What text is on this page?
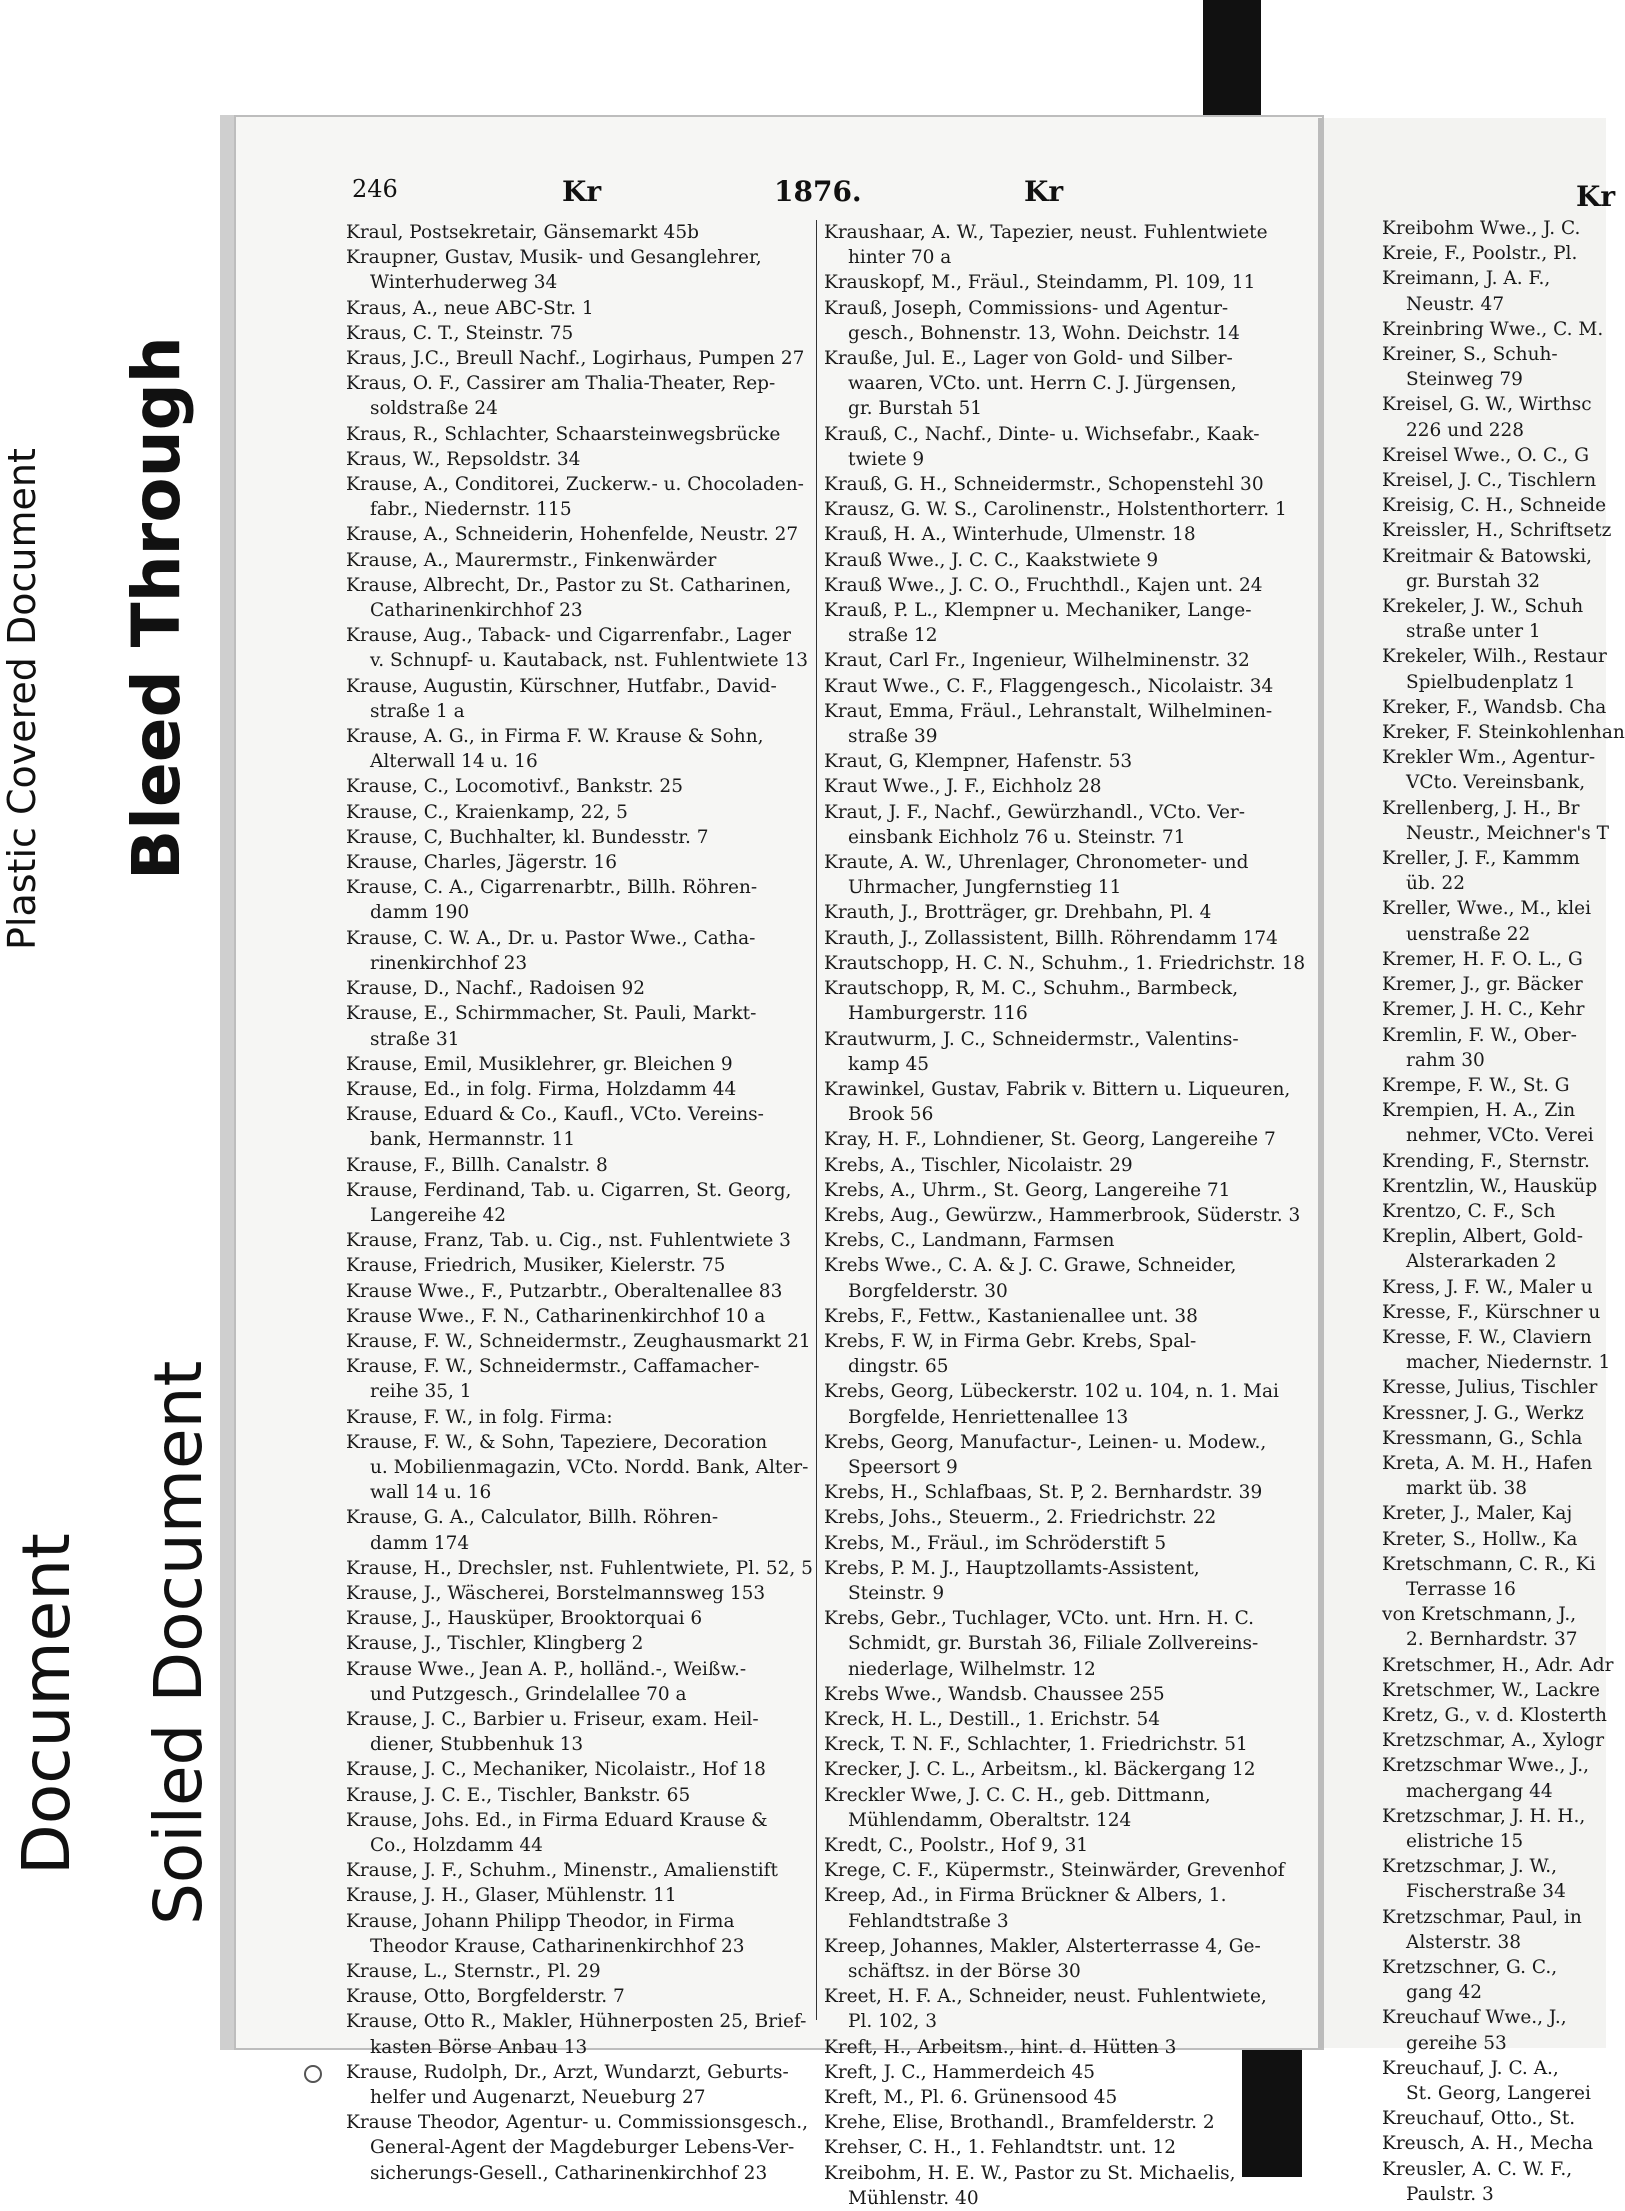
Plastic Covered Document Bleed Through
Document Soiled Document
246	Kr	1876.	Kr
Kraul, Postsekretair, Gänsemarkt 45b
Kraupner, Gustav, Musik- und Gesanglehrer,
Winterhuderweg 34
Kraus, A., neue ABC-Str. 1
Kraus, C. T., Steinstr. 75
Kraus, J.C., Breull Nachf., Logirhaus, Pumpen 27
Kraus, O. F., Cassirer am Thalia-Theater, Rep-
soldstraße 24
Kraus, R., Schlachter, Schaarsteinwegsbrücke
Kraus, W., Repsoldstr. 34
Krause, A., Conditorei, Zuckerw.- u. Chocoladen-
fabr., Niedernstr. 115
Krause, A., Schneiderin, Hohenfelde, Neustr. 27
Krause, A., Maurermstr., Finkenwärder
Krause, Albrecht, Dr., Pastor zu St. Catharinen,
Catharinenkirchhof 23
Krause, Aug., Taback- und Cigarrenfabr., Lager
v. Schnupf- u. Kautaback, nst. Fuhlentwiete 13
Krause, Augustin, Kürschner, Hutfabr., David-
straße 1 a
Krause, A. G., in Firma F. W. Krause & Sohn,
Alterwall 14 u. 16
Krause, C., Locomotivf., Bankstr. 25
Krause, C., Kraienkamp, 22, 5
Krause, C, Buchhalter, kl. Bundesstr. 7
Krause, Charles, Jägerstr. 16
Krause, C. A., Cigarrenarbtr., Billh. Röhren-
damm 190
Krause, C. W. A., Dr. u. Pastor Wwe., Catha-
rinenkirchhof 23
Krause, D., Nachf., Radoisen 92
Krause, E., Schirmmacher, St. Pauli, Markt-
straße 31
Krause, Emil, Musiklehrer, gr. Bleichen 9
Krause, Ed., in folg. Firma, Holzdamm 44
Krause, Eduard & Co., Kaufl., VCto. Vereins-
bank, Hermannstr. 11
Krause, F., Billh. Canalstr. 8
Krause, Ferdinand, Tab. u. Cigarren, St. Georg,
Langereihe 42
Krause, Franz, Tab. u. Cig., nst. Fuhlentwiete 3
Krause, Friedrich, Musiker, Kielerstr. 75
Krause Wwe., F., Putzarbtr., Oberaltenallee 83
Krause Wwe., F. N., Catharinenkirchhof 10 a
Krause, F. W., Schneidermstr., Zeughausmarkt 21
Krause, F. W., Schneidermstr., Caffamacher-
reihe 35, 1
Krause, F. W., in folg. Firma:
Krause, F. W., & Sohn, Tapezierе, Decoration
u. Mobilienmagazin, VCto. Nordd. Bank, Alter-
wall 14 u. 16
Krause, G. A., Calculator, Billh. Röhren-
damm 174
Krause, H., Drechsler, nst. Fuhlentwiete, Pl. 52, 5
Krause, J., Wäscherei, Borstelmannsweg 153
Krause, J., Hausküper, Brooktorquai 6
Krause, J., Tischler, Klingberg 2
Krause Wwe., Jean A. P., holländ.-, Weißw.-
und Putzgesch., Grindelallee 70 a
Krause, J. C., Barbier u. Friseur, exam. Heil-
diener, Stubbenhuk 13
Krause, J. C., Mechaniker, Nicolaistr., Hof 18
Krause, J. C. E., Tischler, Bankstr. 65
Krause, Johs. Ed., in Firma Eduard Krause &
Co., Holzdamm 44
Krause, J. F., Schuhm., Minenstr., Amalienstift
Krause, J. H., Glaser, Mühlenstr. 11
Krause, Johann Philipp Theodor, in Firma
Theodor Krause, Catharinenkirchhof 23
Krause, L., Sternstr., Pl. 29
Krause, Otto, Borgfelderstr. 7
Krause, Otto R., Makler, Hühnerposten 25, Brief-
kasten Börse Anbau 13
Krause, Rudolph, Dr., Arzt, Wundarzt, Geburts-
helfer und Augenarzt, Neueburg 27
Krause Theodor, Agentur- u. Commissionsgesch.,
General-Agent der Magdeburger Lebens-Ver-
sicherungs-Gesell., Catharinenkirchhof 23
Kraushaar, A. W., Tapezier, neust. Fuhlentwiete
hinter 70 a
Krauskopf, M., Fräul., Steindamm, Pl. 109, 11
Krauß, Joseph, Commissions- und Agentur-
gesch., Bohnenstr. 13, Wohn. Deichstr. 14
Krauße, Jul. E., Lager von Gold- und Silber-
waaren, VCto. unt. Herrn C. J. Jürgensen,
gr. Burstah 51
Krauß, C., Nachf., Dinte- u. Wichsefabr., Kaak-
twiete 9
Krauß, G. H., Schneidermstr., Schopenstehl 30
Krausz, G. W. S., Carolinenstr., Holstenthorterr. 1
Krauß, H. A., Winterhude, Ulmenstr. 18
Krauß Wwe., J. C. C., Kaakstwiete 9
Krauß Wwe., J. C. O., Fruchthdl., Kajen unt. 24
Krauß, P. L., Klempner u. Mechaniker, Lange-
straße 12
Kraut, Carl Fr., Ingenieur, Wilhelminenstr. 32
Kraut Wwe., C. F., Flaggengesch., Nicolaistr. 34
Kraut, Emma, Fräul., Lehranstalt, Wilhelminen-
straße 39
Kraut, G, Klempner, Hafenstr. 53
Kraut Wwe., J. F., Eichholz 28
Kraut, J. F., Nachf., Gewürzhandl., VCto. Ver-
einsbank Eichholz 76 u. Steinstr. 71
Kraute, A. W., Uhrenlager, Chronometer- und
Uhrmacher, Jungfernstieg 11
Krauth, J., Brotträger, gr. Drehbahn, Pl. 4
Krauth, J., Zollassistent, Billh. Röhrendamm 174
Krautschopp, H. C. N., Schuhm., 1. Friedrichstr. 18
Krautschopp, R, M. C., Schuhm., Barmbeck,
Hamburgerstr. 116
Krautwurm, J. C., Schneidermstr., Valentins-
kamp 45
Krawinkel, Gustav, Fabrik v. Bittern u. Liqueuren,
Brook 56
Kray, H. F., Lohndiener, St. Georg, Langereihe 7
Krebs, A., Tischler, Nicolaistr. 29
Krebs, A., Uhrm., St. Georg, Langereihe 71
Krebs, Aug., Gewürzw., Hammerbrook, Süderstr. 3
Krebs, C., Landmann, Farmsen
Krebs Wwe., C. A. & J. C. Grawe, Schneider,
Borgfelderstr. 30
Krebs, F., Fettw., Kastanienallee unt. 38
Krebs, F. W, in Firma Gebr. Krebs, Spal-
dingstr. 65
Krebs, Georg, Lübeckerstr. 102 u. 104, n. 1. Mai
Borgfelde, Henriettenallee 13
Krebs, Georg, Manufactur-, Leinen- u. Modew.,
Speersort 9
Krebs, H., Schlafbaas, St. P, 2. Bernhardstr. 39
Krebs, Johs., Steuerm., 2. Friedrichstr. 22
Krebs, M., Fräul., im Schröderstift 5
Krebs, P. M. J., Hauptzollamts-Assistent,
Steinstr. 9
Krebs, Gebr., Tuchlager, VCto. unt. Hrn. H. C.
Schmidt, gr. Burstah 36, Filiale Zollvereins-
niederlage, Wilhelmstr. 12
Krebs Wwe., Wandsb. Chaussee 255
Kreck, H. L., Destill., 1. Erichstr. 54
Kreck, T. N. F., Schlachter, 1. Friedrichstr. 51
Krecker, J. C. L., Arbeitsm., kl. Bäckergang 12
Kreckler Wwe, J. C. C. H., geb. Dittmann,
Mühlendamm, Oberaltstr. 124
Kredt, C., Poolstr., Hof 9, 31
Krege, C. F., Küpermstr., Steinwärder, Grevenhof
Kreep, Ad., in Firma Brückner & Albers, 1.
Fehlandtstraße 3
Kreep, Johannes, Makler, Alsterterrasse 4, Ge-
schäftsz. in der Börse 30
Kreet, H. F. A., Schneider, neust. Fuhlentwiete,
Pl. 102, 3
Kreft, H., Arbeitsm., hint. d. Hütten 3
Kreft, J. C., Hammerdeich 45
Kreft, M., Pl. 6. Grünensood 45
Krehe, Elise, Brothandl., Bramfelderstr. 2
Krehser, C. H., 1. Fehlandtstr. unt. 12
Kreibohm, H. E. W., Pastor zu St. Michaelis,
Mühlenstr. 40
Kr
Kreibohm Wwe., J. C.
Kreie, F., Poolstr., Pl.
Kreimann, J. A. F.,
Neustr. 47
Kreinbring Wwe., C. M.
Kreiner, S., Schuh-
Steinweg 79
Kreisel, G. W., Wirthsc
226 und 228
Kreisel Wwe., O. C., G
Kreisel, J. C., Tischlern
Kreisig, C. H., Schneide
Kreissler, H., Schriftsetz
Kreitmair & Batowski,
gr. Burstah 32
Krekeler, J. W., Schuh
straße unter 1
Krekeler, Wilh., Restaur
Spielbudenplatz 1
Kreker, F., Wandsb. Cha
Kreker, F. Steinkohlenhan
Krekler Wm., Agentur-
VCto. Vereinsbank,
Krellenberg, J. H., Br
Neustr., Meichner's T
Kreller, J. F., Kammm
üb. 22
Kreller, Wwe., M., klei
uenstraße 22
Kremer, H. F. O. L., G
Kremer, J., gr. Bäcker
Kremer, J. H. C., Kehr
Kremlin, F. W., Ober-
rahm 30
Krempe, F. W., St. G
Krempien, H. A., Zin
nehmer, VCto. Verei
Krending, F., Sternstr.
Krentzlin, W., Hausküp
Krentzo, C. F., Sch
Kreplin, Albert, Gold-
Alsterarkaden 2
Kress, J. F. W., Maler u
Kresse, F., Kürschner u
Kresse, F. W., Claviern
macher, Niedernstr. 1
Kresse, Julius, Tischler
Kressner, J. G., Werkz
Kressmann, G., Schla
Kreta, A. M. H., Hafen
markt üb. 38
Kreter, J., Maler, Kaj
Kreter, S., Hollw., Ka
Kretschmann, C. R., Ki
Terrasse 16
von Kretschmann, J.,
2. Bernhardstr. 37
Kretschmer, H., Adr. Adr
Kretschmer, W., Lackre
Kretz, G., v. d. Klosterth
Kretzschmar, A., Xylogr
Kretzschmar Wwe., J.,
machergang 44
Kretzschmar, J. H. H.,
elistriche 15
Kretzschmar, J. W.,
Fischerstraße 34
Kretzschmar, Paul, in
Alsterstr. 38
Kretzschner, G. C.,
gang 42
Kreuchauf Wwe., J.,
gereihe 53
Kreuchauf, J. C. A.,
St. Georg, Langerei
Kreuchauf, Otto., St.
Kreusch, A. H., Mecha
Kreusler, A. C. W. F.,
Paulstr. 3
